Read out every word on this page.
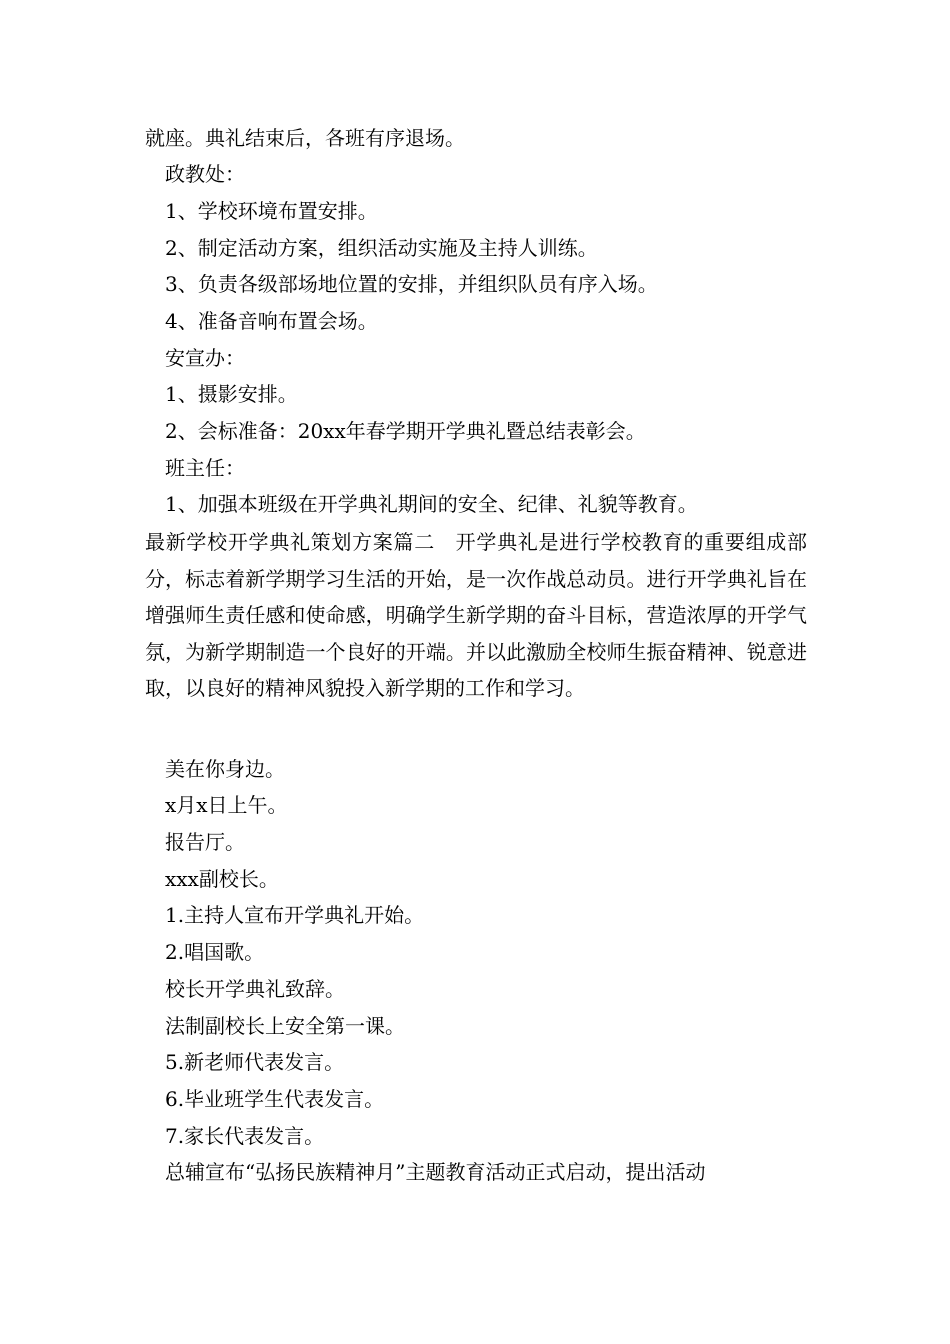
就座。典礼结束后，各班有序退场。
政教处：
1、学校环境布置安排。
2、制定活动方案，组织活动实施及主持人训练。
3、负责各级部场地位置的安排，并组织队员有序入场。
4、准备音响布置会场。
安宣办：
1、摄影安排。
2、会标准备：20xx年春学期开学典礼暨总结表彰会。
班主任：
1、加强本班级在开学典礼期间的安全、纪律、礼貌等教育。
最新学校开学典礼策划方案篇二　开学典礼是进行学校教育的重要组成部分，标志着新学期学习生活的开始，是一次作战总动员。进行开学典礼旨在增强师生责任感和使命感，明确学生新学期的奋斗目标，营造浓厚的开学气氛，为新学期制造一个良好的开端。并以此激励全校师生振奋精神、锐意进取，以良好的精神风貌投入新学期的工作和学习。
美在你身边。
x月x日上午。
报告厅。
xxx副校长。
1.主持人宣布开学典礼开始。
2.唱国歌。
校长开学典礼致辞。
法制副校长上安全第一课。
5.新老师代表发言。
6.毕业班学生代表发言。
7.家长代表发言。
总辅宣布“弘扬民族精神月”主题教育活动正式启动，提出活动
